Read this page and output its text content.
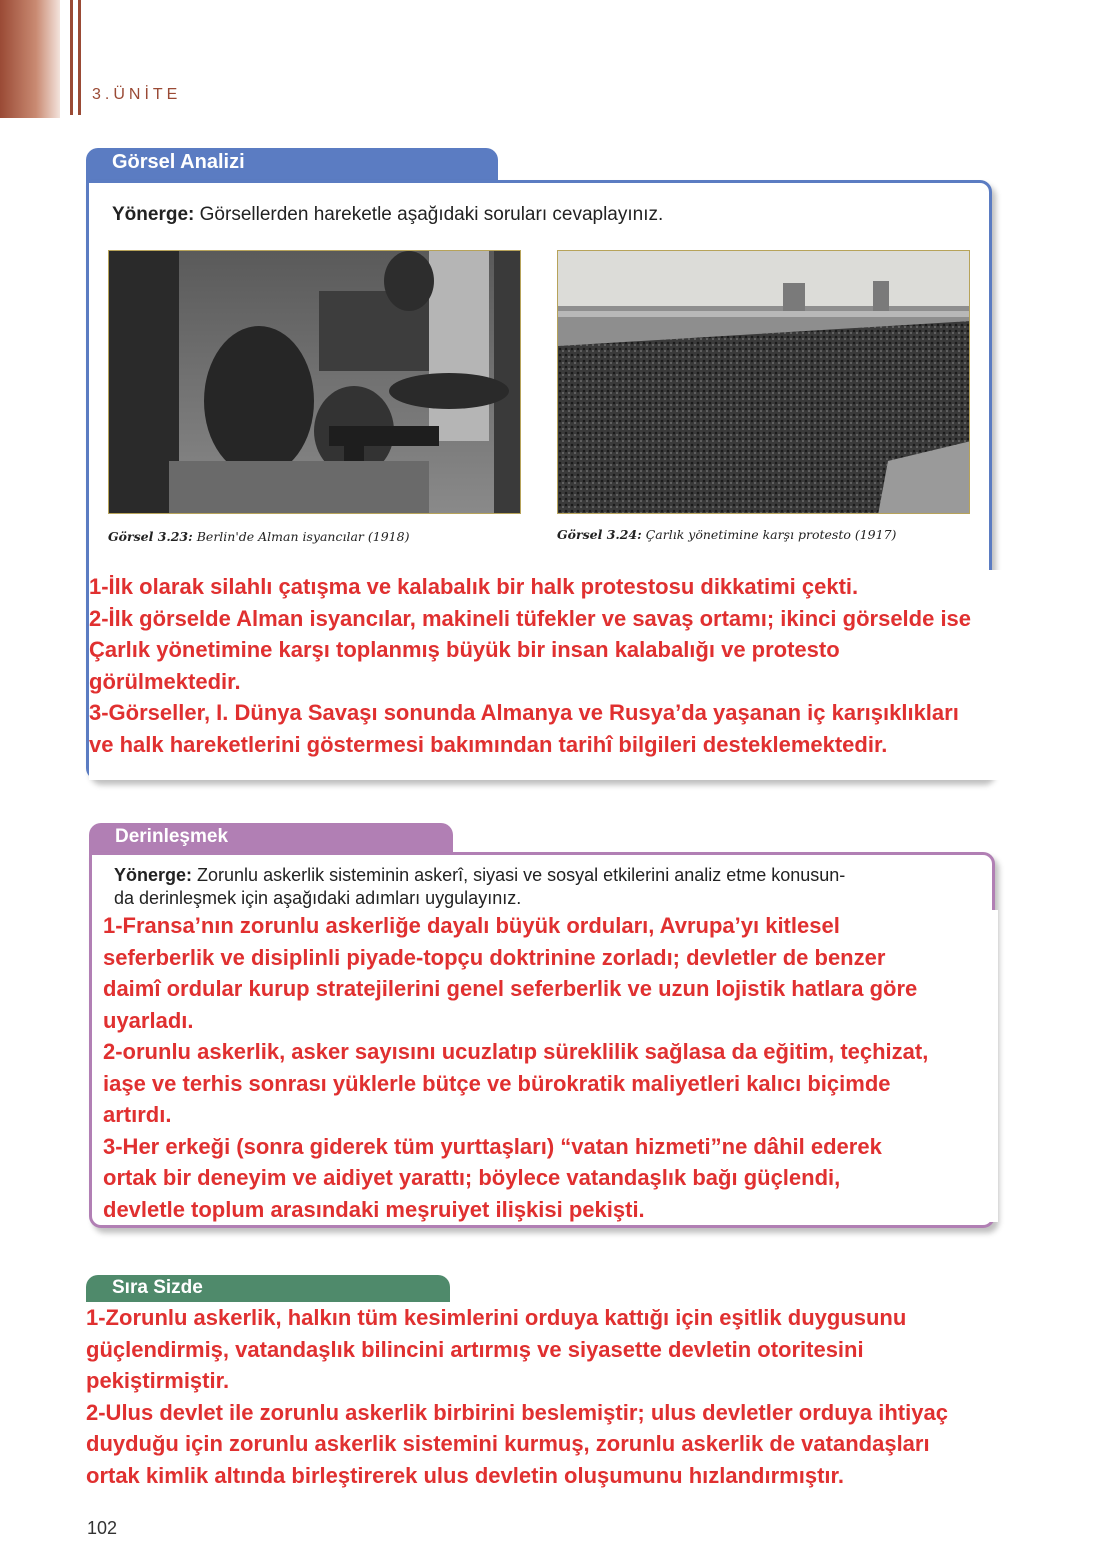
3.ÜNİTE
Görsel Analizi
Yönerge: Görsellerden hareketle aşağıdaki soruları cevaplayınız.
Görsel 3.23: Berlin'de Alman isyancılar (1918)	Görsel 3.24: Çarlık yönetimine karşı protesto (1917)
1-İlk olarak silahlı çatışma ve kalabalık bir halk protestosu dikkatimi çekti.
2-İlk görselde Alman isyancılar, makineli tüfekler ve savaş ortamı; ikinci görselde ise
Çarlık yönetimine karşı toplanmış büyük bir insan kalabalığı ve protesto
görülmektedir.
3-Görseller, I. Dünya Savaşı sonunda Almanya ve Rusya’da yaşanan iç karışıklıkları
ve halk hareketlerini göstermesi bakımından tarihî bilgileri desteklemektedir.
Derinleşmek
Yönerge: Zorunlu askerlik sisteminin askerî, siyasi ve sosyal etkilerini analiz etme konusun-
da derinleşmek için aşağıdaki adımları uygulayınız.
1-Fransa’nın zorunlu askerliğe dayalı büyük orduları, Avrupa’yı kitlesel
seferberlik ve disiplinli piyade-topçu doktrinine zorladı; devletler de benzer
daimî ordular kurup stratejilerini genel seferberlik ve uzun lojistik hatlara göre
uyarladı.
2-orunlu askerlik, asker sayısını ucuzlatıp süreklilik sağlasa da eğitim, teçhizat,
iaşe ve terhis sonrası yüklerle bütçe ve bürokratik maliyetleri kalıcı biçimde
artırdı.
3-Her erkeği (sonra giderek tüm yurttaşları) “vatan hizmeti”ne dâhil ederek
ortak bir deneyim ve aidiyet yarattı; böylece vatandaşlık bağı güçlendi,
devletle toplum arasındaki meşruiyet ilişkisi pekişti.
Sıra Sizde
102
1-Zorunlu askerlik, halkın tüm kesimlerini orduya kattığı için eşitlik duygusunu
güçlendirmiş, vatandaşlık bilincini artırmış ve siyasette devletin otoritesini
pekiştirmiştir.
2-Ulus devlet ile zorunlu askerlik birbirini beslemiştir; ulus devletler orduya ihtiyaç
duyduğu için zorunlu askerlik sistemini kurmuş, zorunlu askerlik de vatandaşları
ortak kimlik altında birleştirerek ulus devletin oluşumunu hızlandırmıştır.
